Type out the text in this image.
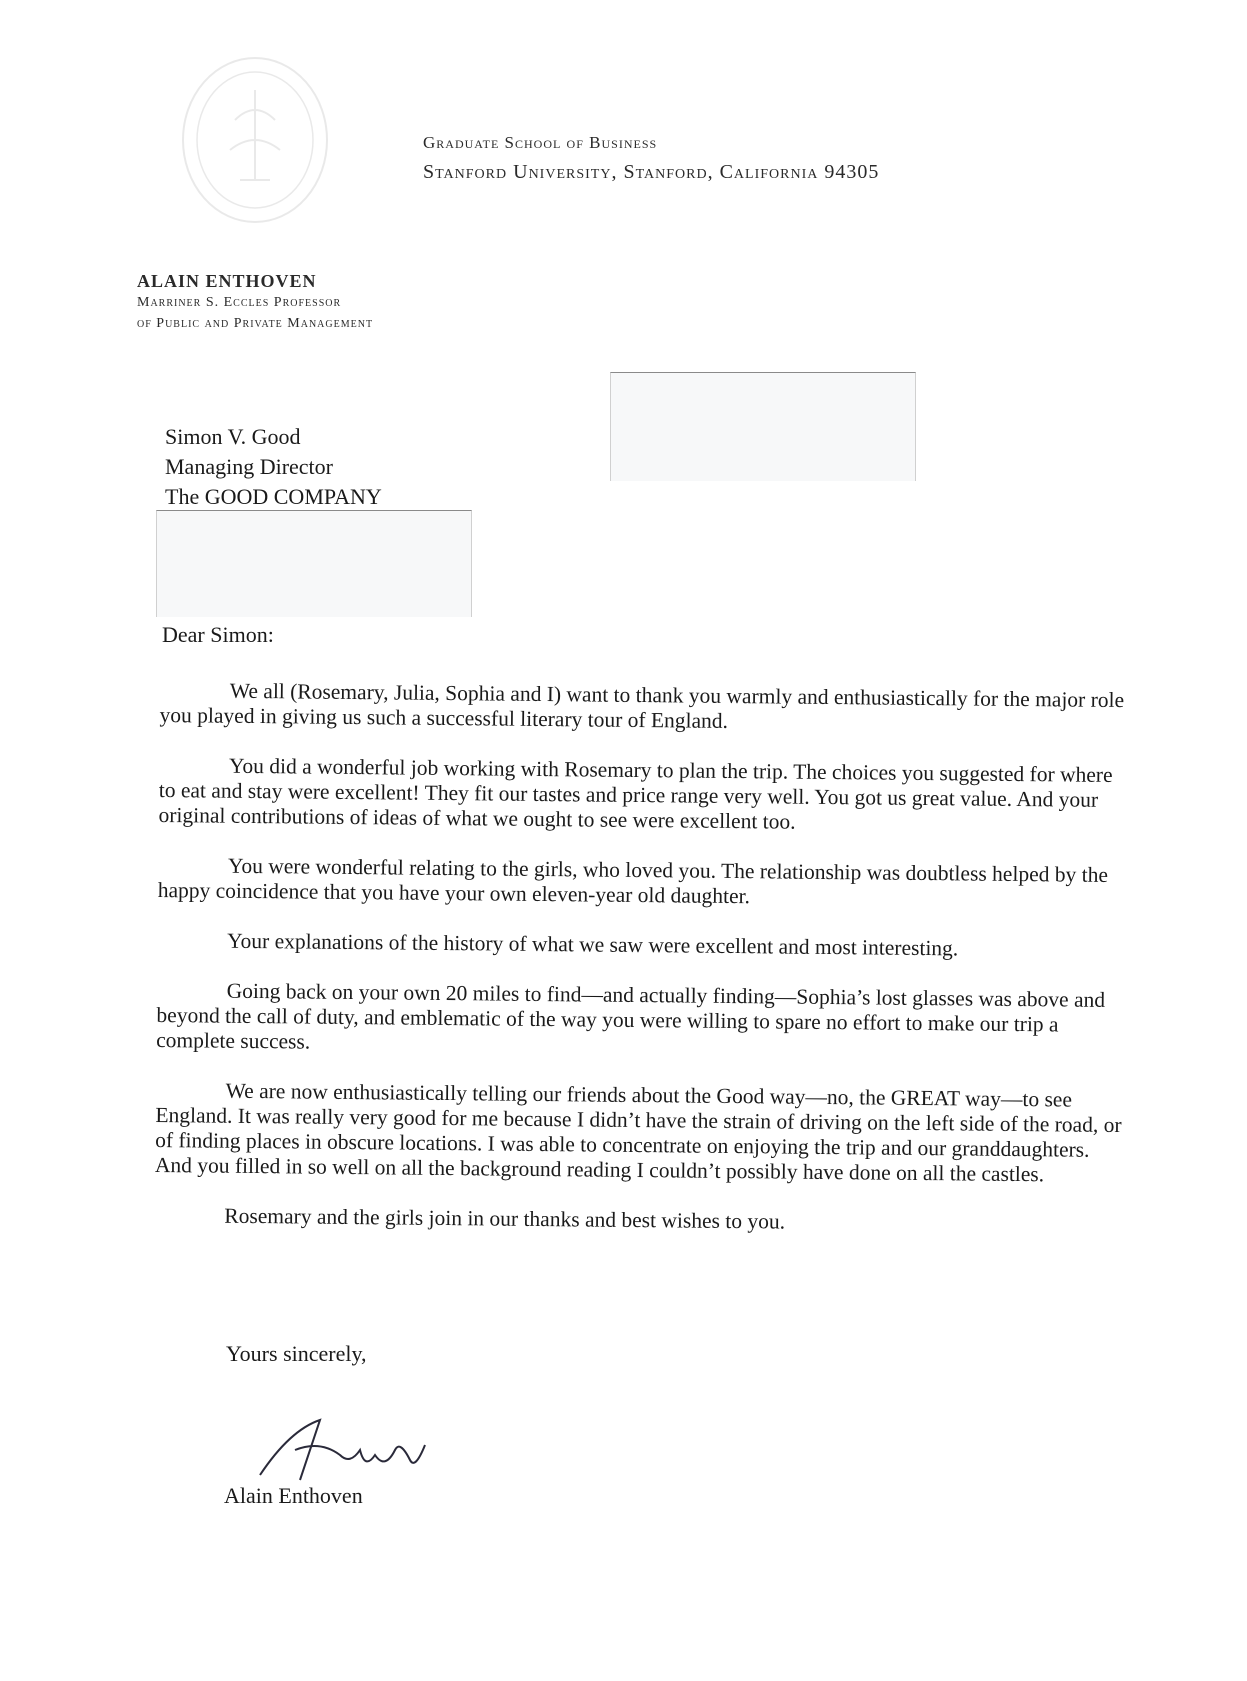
Graduate School of Business
Stanford University, Stanford, California 94305
ALAIN ENTHOVEN
Marriner S. Eccles Professor
of Public and Private Management
Simon V. Good
Managing Director
The GOOD COMPANY
Dear Simon:

We all (Rosemary, Julia, Sophia and I) want to thank you warmly and enthusiastically for the major role you played in giving us such a successful literary tour of England.

You did a wonderful job working with Rosemary to plan the trip. The choices you suggested for where to eat and stay were excellent! They fit our tastes and price range very well. You got us great value. And your original contributions of ideas of what we ought to see were excellent too.

You were wonderful relating to the girls, who loved you. The relationship was doubtless helped by the happy coincidence that you have your own eleven-year old daughter.

Your explanations of the history of what we saw were excellent and most interesting.

Going back on your own 20 miles to find—and actually finding—Sophia’s lost glasses was above and beyond the call of duty, and emblematic of the way you were willing to spare no effort to make our trip a complete success.

We are now enthusiastically telling our friends about the Good way—no, the GREAT way—to see England. It was really very good for me because I didn’t have the strain of driving on the left side of the road, or of finding places in obscure locations. I was able to concentrate on enjoying the trip and our granddaughters. And you filled in so well on all the background reading I couldn’t possibly have done on all the castles.

Rosemary and the girls join in our thanks and best wishes to you.

Yours sincerely,
Alain Enthoven
